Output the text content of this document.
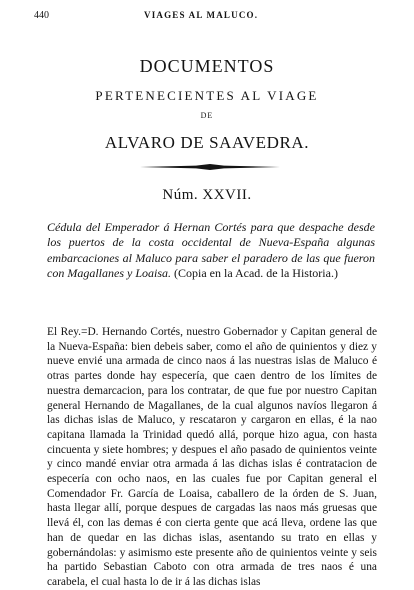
440	VIAGES AL MALUCO.
DOCUMENTOS
PERTENECIENTES AL VIAGE
DE
ALVARO DE SAAVEDRA.
Núm. XXVII.
Cédula del Emperador á Hernan Cortés para que despache desde los puertos de la costa occidental de Nueva-España algunas embarcaciones al Maluco para saber el paradero de las que fueron con Magallanes y Loaisa. (Copia en la Acad. de la Historia.)
El Rey.=D. Hernando Cortés, nuestro Gobernador y Capitan general de la Nueva-España: bien debeis saber, como el año de quinientos y diez y nueve envié una armada de cinco naos á las nuestras islas de Maluco é otras partes donde hay especería, que caen dentro de los límites de nuestra demarcacion, para los contratar, de que fue por nuestro Capitan general Hernando de Magallanes, de la cual algunos navíos llegaron á las dichas islas de Maluco, y rescataron y cargaron en ellas, é la nao capitana llamada la Trinidad quedó allá, porque hizo agua, con hasta cincuenta y siete hombres; y despues el año pasado de quinientos veinte y cinco mandé enviar otra armada á las dichas islas é contratacion de especería con ocho naos, en las cuales fue por Capitan general el Comendador Fr. García de Loaisa, caballero de la órden de S. Juan, hasta llegar allí, porque despues de cargadas las naos más gruesas que llevá él, con las demas é con cierta gente que acá lleva, ordene las que han de quedar en las dichas islas, asentando su trato en ellas y gobernándolas: y asimismo este presente año de quinientos veinte y seis ha partido Sebastian Caboto con otra armada de tres naos é una carabela, el cual hasta lo de ir á las dichas islas
